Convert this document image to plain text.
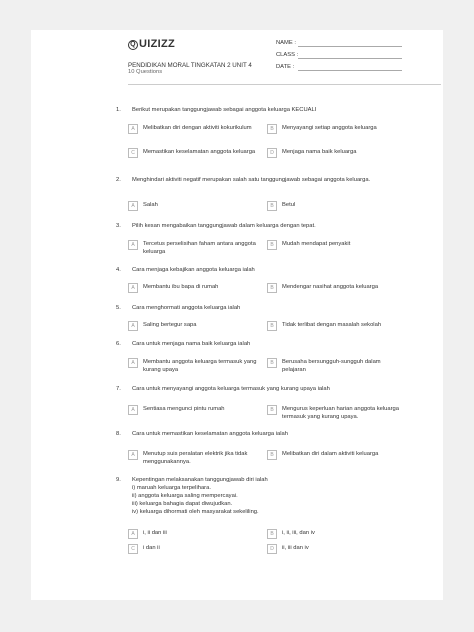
Q UIZIZZ
PENDIDIKAN MORAL TINGKATAN 2 UNIT 4
10 Questions
NAME :
CLASS :
DATE :
1.	Berikut merupakan tanggungjawab sebagai anggota keluarga KECUALI
A	Melibatkan diri dengan aktiviti kokurikulum	B	Menyayangi setiap anggota keluarga
C	Memastikan keselamatan anggota keluarga	D	Menjaga nama baik keluarga
2.	Menghindari aktiviti negatif merupakan salah satu tanggungjawab sebagai anggota keluarga.
A	Salah	B	Betul
3.	Pilih kesan mengabaikan tanggungjawab dalam keluarga dengan tepat.
A	Tercetus perselisihan faham antara anggota keluarga
B	Mudah mendapat penyakit
4.	Cara menjaga kebajikan anggota keluarga ialah
A	Membantu ibu bapa di rumah	B	Mendengar nasihat anggota keluarga
5.	Cara menghormati anggota keluarga ialah
A	Saling bertegur sapa	B	Tidak terlibat dengan masalah sekolah
6.	Cara untuk menjaga nama baik keluarga ialah
A	Membantu anggota keluarga termasuk yang kurang upaya
B	Berusaha bersungguh-sungguh dalam pelajaran
7.	Cara untuk menyayangi anggota keluarga termasuk yang kurang upaya ialah
A	Sentiasa mengunci pintu rumah	B	Mengurus keperluan harian anggota keluarga termasuk yang kurang upaya.
8.	Cara untuk memastikan keselamatan anggota keluarga ialah
A	Menutup suis peralatan elektrik jika tidak menggunakannya.
B	Melibatkan diri dalam aktiviti keluarga
9.	Kepentingan melaksanakan tanggungjawab diri ialah
i) maruah keluarga terpelihara.
ii) anggota keluarga saling mempercayai.
iii) keluarga bahagia dapat diwujudkan.
iv) keluarga dihormati oleh masyarakat sekeliling.
A	i, ii dan iii	B	i, ii, iii, dan iv
C	i dan ii	D	ii, iii dan iv
